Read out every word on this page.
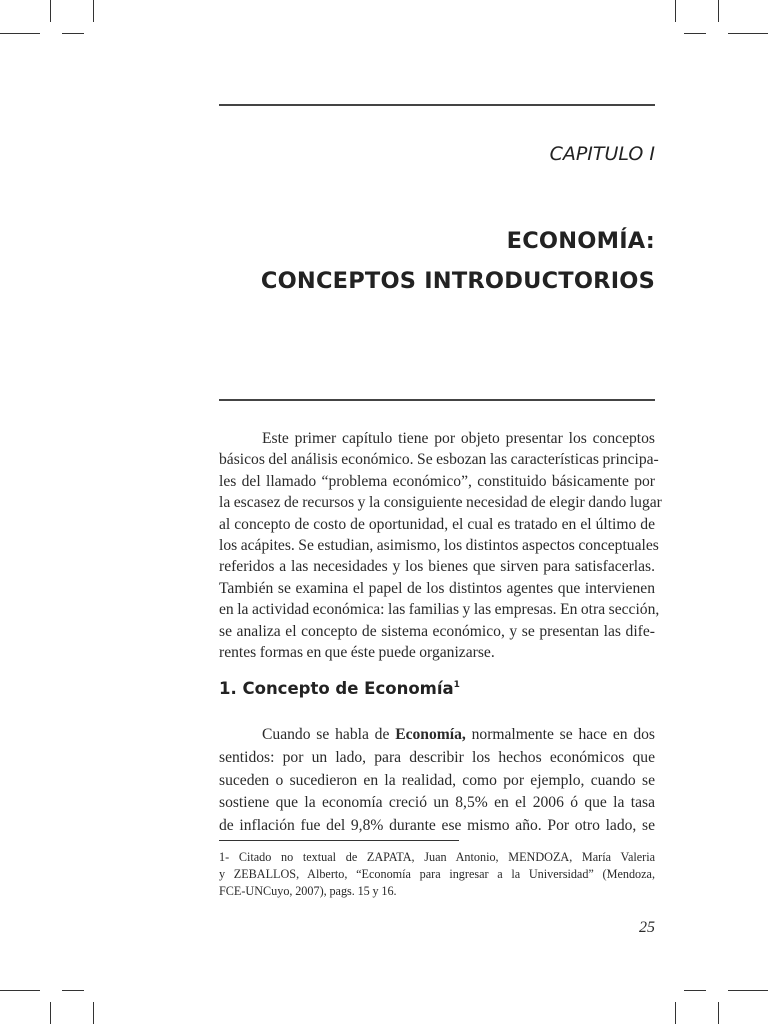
CAPITULO I
ECONOMÍA:
CONCEPTOS INTRODUCTORIOS
Este primer capítulo tiene por objeto presentar los conceptos
básicos del análisis económico. Se esbozan las características principa-
les del llamado “problema económico”, constituido básicamente por
la escasez de recursos y la consiguiente necesidad de elegir dando lugar
al concepto de costo de oportunidad, el cual es tratado en el último de
los acápites. Se estudian, asimismo, los distintos aspectos conceptuales
referidos a las necesidades y los bienes que sirven para satisfacerlas.
También se examina el papel de los distintos agentes que intervienen
en la actividad económica: las familias y las empresas. En otra sección,
se analiza el concepto de sistema económico, y se presentan las dife-
rentes formas en que éste puede organizarse.
1. Concepto de Economía$^1$
Cuando se habla de Economía, normalmente se hace en dos
sentidos: por un lado, para describir los hechos económicos que
suceden o sucedieron en la realidad, como por ejemplo, cuando se
sostiene que la economía creció un 8,5% en el 2006 ó que la tasa
de inflación fue del 9,8% durante ese mismo año. Por otro lado, se
1- Citado no textual de ZAPATA, Juan Antonio, MENDOZA, María Valeria
y ZEBALLOS, Alberto, “Economía para ingresar a la Universidad” (Mendoza,
FCE-UNCuyo, 2007), pags. 15 y 16.
25
